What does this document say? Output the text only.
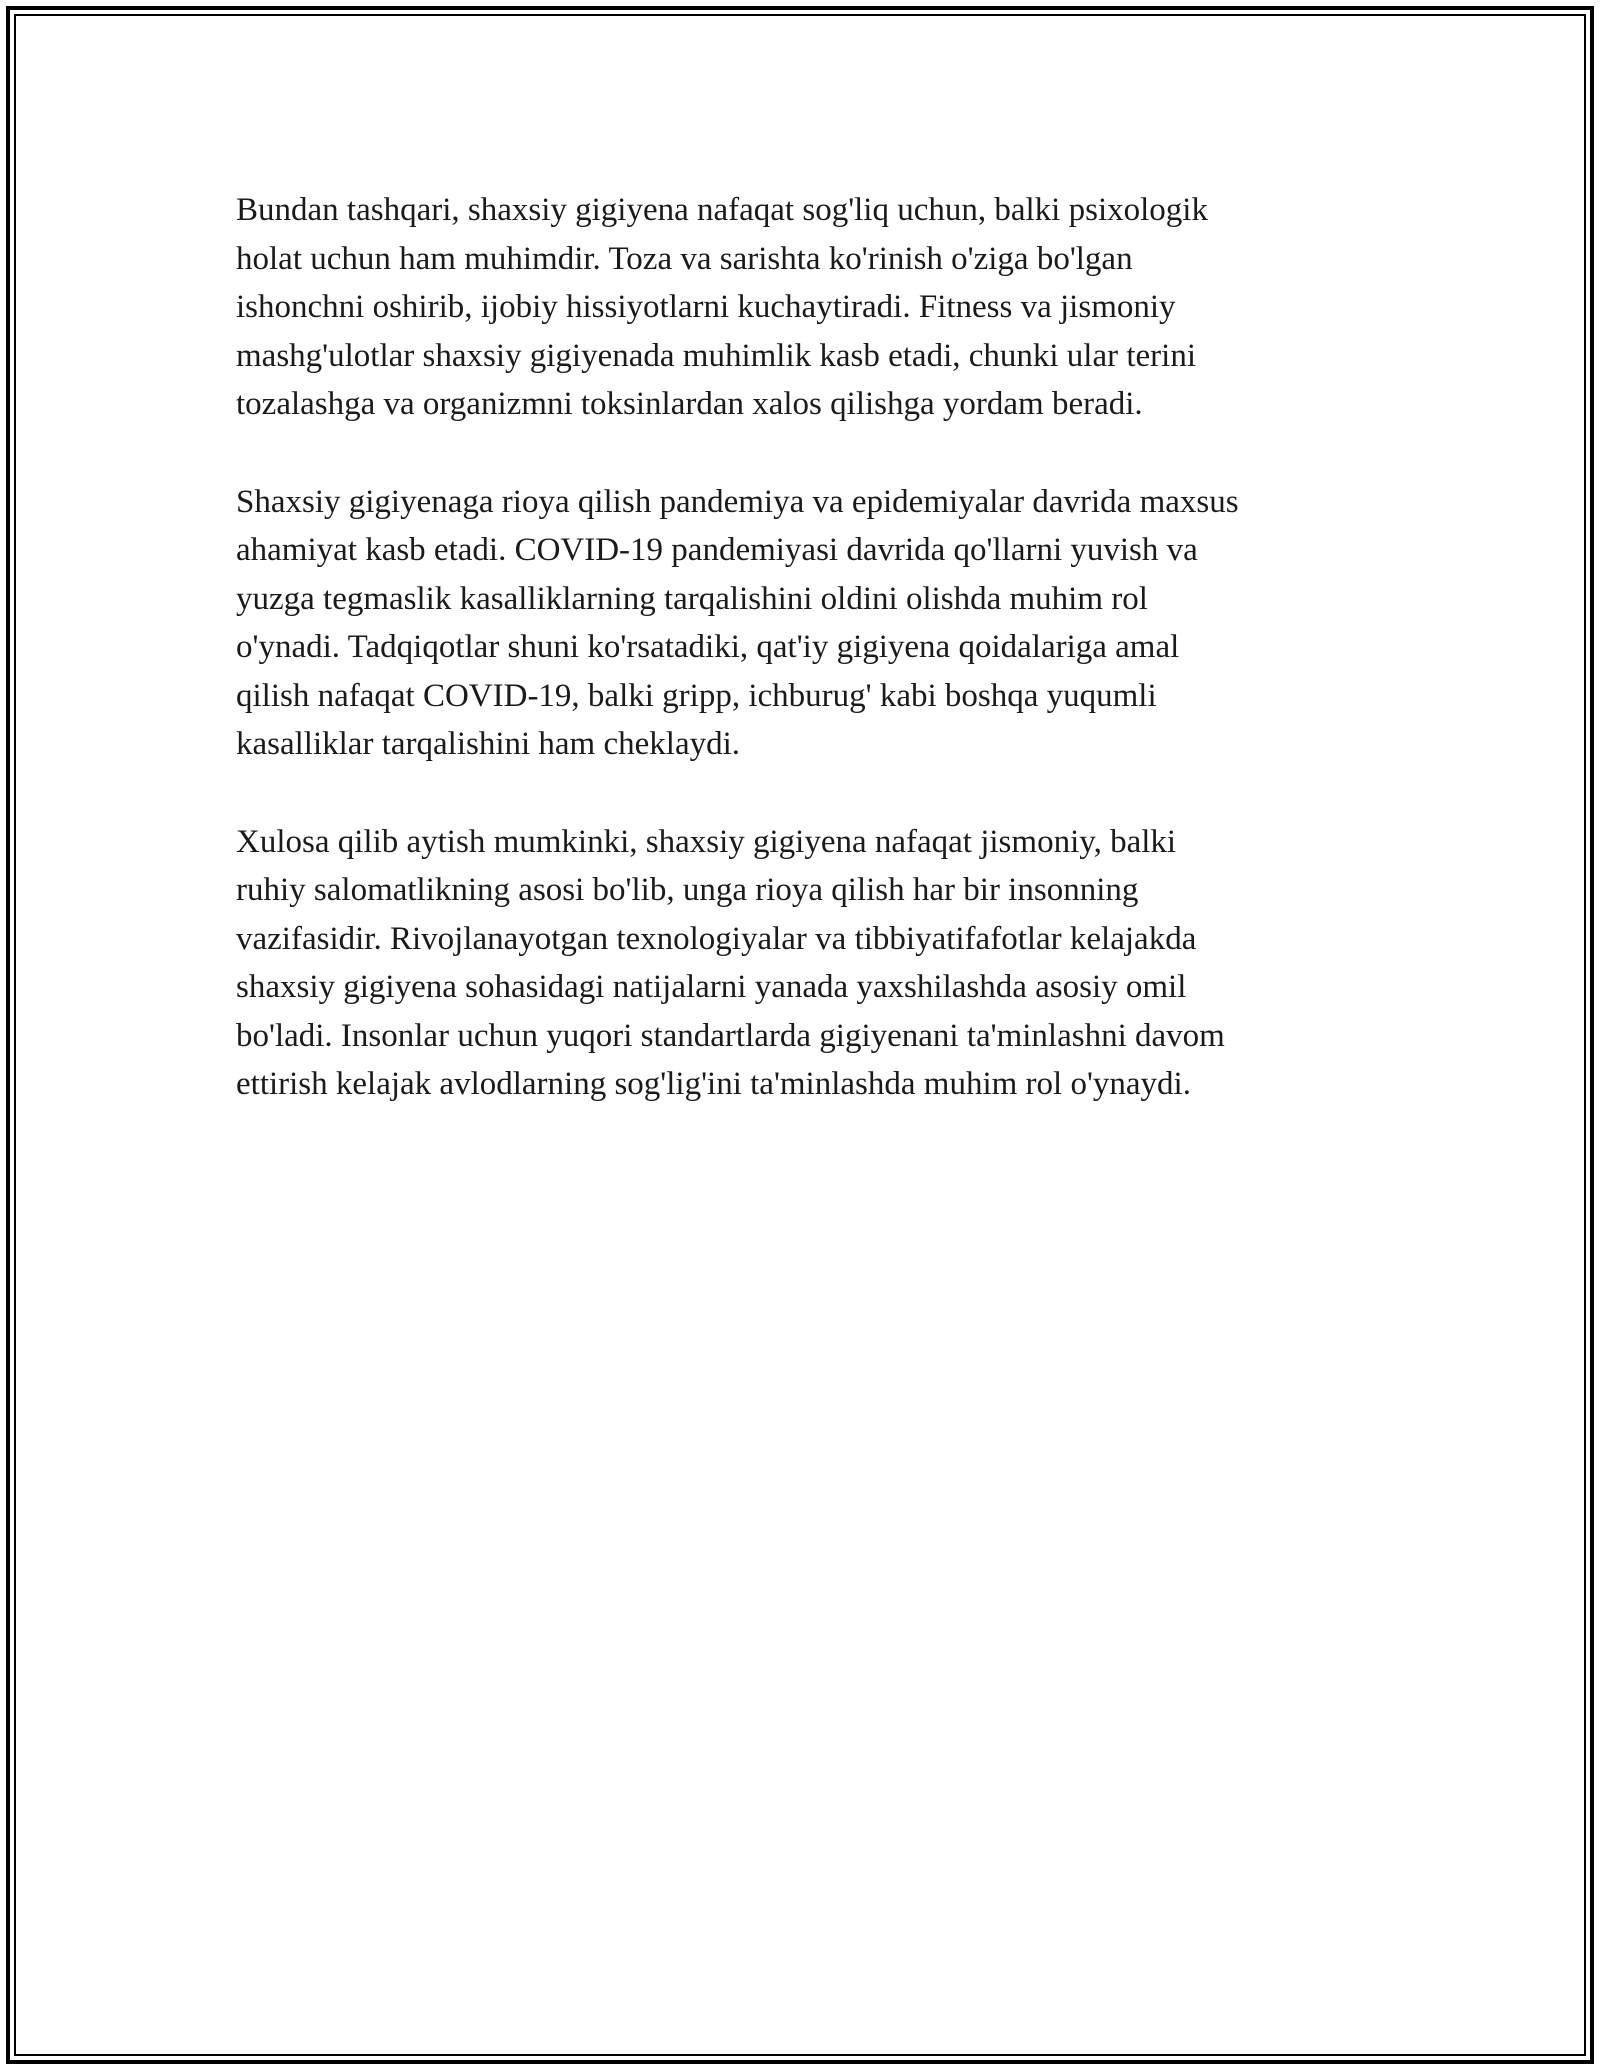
Bundan tashqari, shaxsiy gigiyena nafaqat sog'liq uchun, balki psixologik
holat uchun ham muhimdir. Toza va sarishta ko'rinish o'ziga bo'lgan
ishonchni oshirib, ijobiy hissiyotlarni kuchaytiradi. Fitness va jismoniy
mashg'ulotlar shaxsiy gigiyenada muhimlik kasb etadi, chunki ular terini
tozalashga va organizmni toksinlardan xalos qilishga yordam beradi.

Shaxsiy gigiyenaga rioya qilish pandemiya va epidemiyalar davrida maxsus
ahamiyat kasb etadi. COVID-19 pandemiyasi davrida qo'llarni yuvish va
yuzga tegmaslik kasalliklarning tarqalishini oldini olishda muhim rol
o'ynadi. Tadqiqotlar shuni ko'rsatadiki, qat'iy gigiyena qoidalariga amal
qilish nafaqat COVID-19, balki gripp, ichburug' kabi boshqa yuqumli
kasalliklar tarqalishini ham cheklaydi.

Xulosa qilib aytish mumkinki, shaxsiy gigiyena nafaqat jismoniy, balki
ruhiy salomatlikning asosi bo'lib, unga rioya qilish har bir insonning
vazifasidir. Rivojlanayotgan texnologiyalar va tibbiyatifafotlar kelajakda
shaxsiy gigiyena sohasidagi natijalarni yanada yaxshilashda asosiy omil
bo'ladi. Insonlar uchun yuqori standartlarda gigiyenani ta'minlashni davom
ettirish kelajak avlodlarning sog'lig'ini ta'minlashda muhim rol o'ynaydi.
